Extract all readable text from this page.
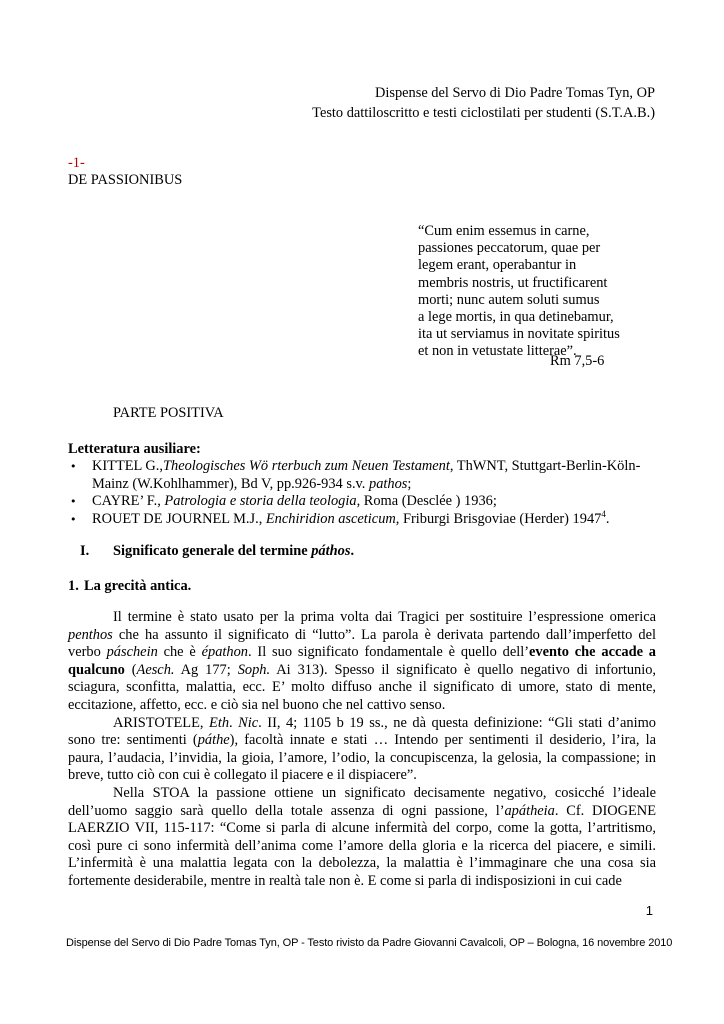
Dispense del Servo di Dio Padre Tomas Tyn, OP
Testo dattiloscritto e testi ciclostilati per studenti (S.T.A.B.)
-1-
DE PASSIONIBUS
“Cum enim essemus in carne,
passiones peccatorum, quae per
legem erant, operabantur in
membris nostris, ut fructificarent
morti; nunc autem soluti sumus
a lege mortis, in qua detinebamur,
ita ut serviamus in novitate spiritus
et non in vetustate litterae”.
Rm 7,5-6
PARTE POSITIVA
Letteratura ausiliare:
• KITTEL G.,Theologisches Wö rterbuch zum Neuen Testament, ThWNT, Stuttgart-Berlin-Köln-Mainz (W.Kohlhammer), Bd V, pp.926-934 s.v. pathos;
• CAYRE’ F., Patrologia e storia della teologia, Roma (Desclée ) 1936;
• ROUET DE JOURNEL M.J., Enchiridion asceticum, Friburgi Brisgoviae (Herder) 1947$^4$.
I. Significato generale del termine páthos.
1. La grecità antica.

Il termine è stato usato per la prima volta dai Tragici per sostituire l’espressione omerica penthos che ha assunto il significato di “lutto”. La parola è derivata partendo dall’imperfetto del verbo páschein che è épathon. Il suo significato fondamentale è quello dell’evento che accade a qualcuno (Aesch. Ag 177; Soph. Ai 313). Spesso il significato è quello negativo di infortunio, sciagura, sconfitta, malattia, ecc. E’ molto diffuso anche il significato di umore, stato di mente, eccitazione, affetto, ecc. e ciò sia nel buono che nel cattivo senso.

ARISTOTELE, Eth. Nic. II, 4; 1105 b 19 ss., ne dà questa definizione: “Gli stati d’animo sono tre: sentimenti (páthe), facoltà innate e stati … Intendo per sentimenti il desiderio, l’ira, la paura, l’audacia, l’invidia, la gioia, l’amore, l’odio, la concupiscenza, la gelosia, la compassione; in breve, tutto ciò con cui è collegato il piacere e il dispiacere”.

Nella STOA la passione ottiene un significato decisamente negativo, cosicché l’ideale dell’uomo saggio sarà quello della totale assenza di ogni passione, l’apátheia. Cf. DIOGENE LAERZIO VII, 115-117: “Come si parla di alcune infermità del corpo, come la gotta, l’artritismo, così pure ci sono infermità dell’anima come l’amore della gloria e la ricerca del piacere, e simili. L’infermità è una malattia legata con la debolezza, la malattia è l’immaginare che una cosa sia fortemente desiderabile, mentre in realtà tale non è. E come si parla di indisposizioni in cui cade

1
Dispense del Servo di Dio Padre Tomas Tyn, OP - Testo rivisto da Padre Giovanni Cavalcoli, OP – Bologna, 16 novembre 2010
